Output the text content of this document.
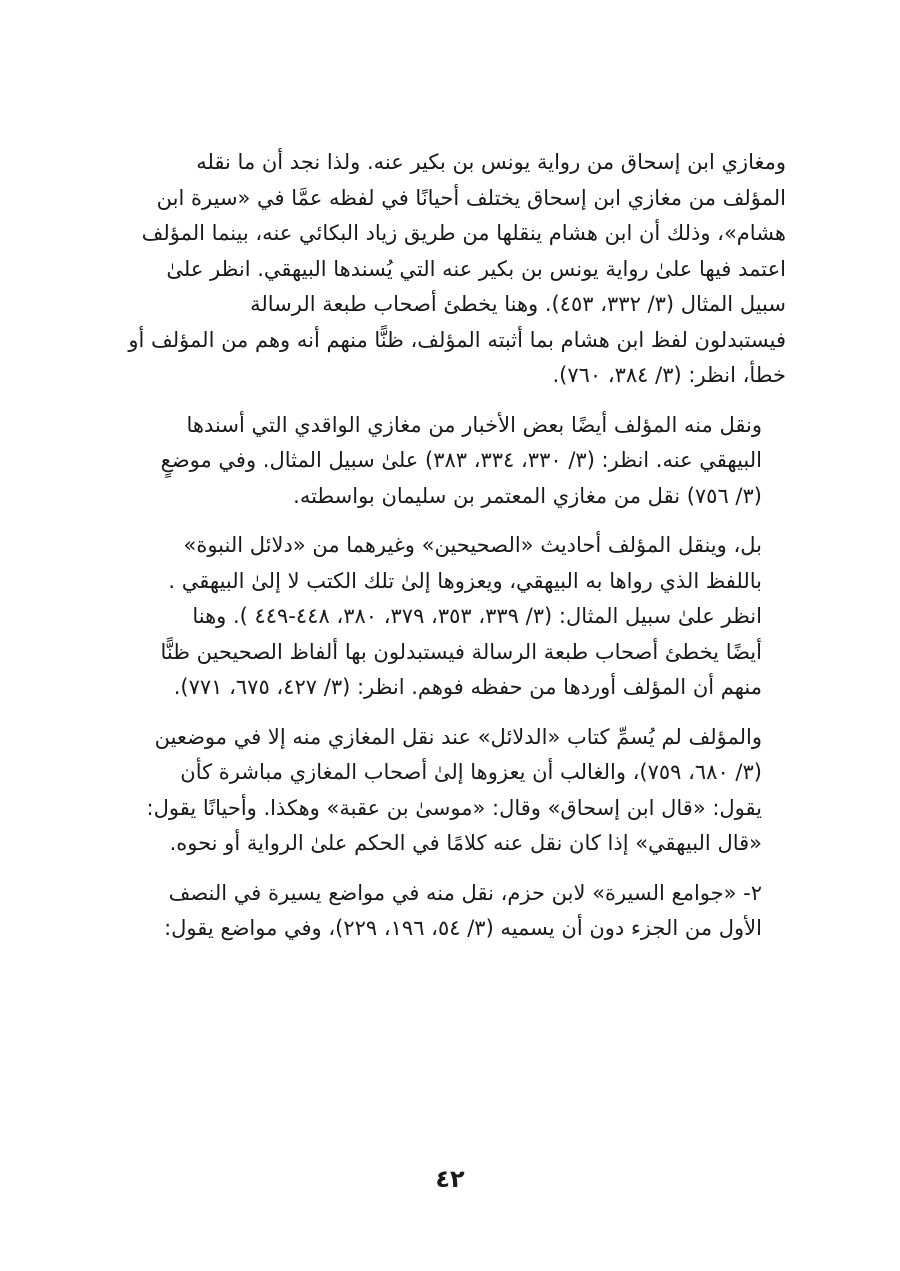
ومغازي ابن إسحاق من رواية يونس بن بكير عنه. ولذا نجد أن ما نقله
المؤلف من مغازي ابن إسحاق يختلف أحيانًا في لفظه عمَّا في «سيرة ابن
هشام»، وذلك أن ابن هشام ينقلها من طريق زياد البكائي عنه، بينما المؤلف
اعتمد فيها علىٰ رواية يونس بن بكير عنه التي يُسندها البيهقي. انظر علىٰ
سبيل المثال (٣/ ٣٣٢، ٤٥٣). وهنا يخطئ أصحاب طبعة الرسالة
فيستبدلون لفظ ابن هشام بما أثبته المؤلف، ظنًّا منهم أنه وهم من المؤلف أو
خطأ، انظر: (٣/ ٣٨٤، ٧٦٠).

ونقل منه المؤلف أيضًا بعض الأخبار من مغازي الواقدي التي أسندها
البيهقي عنه. انظر: (٣/ ٣٣٠، ٣٣٤، ٣٨٣) علىٰ سبيل المثال. وفي موضعٍ
(٣/ ٧٥٦) نقل من مغازي المعتمر بن سليمان بواسطته.

بل، وينقل المؤلف أحاديث «الصحيحين» وغيرهما من «دلائل النبوة»
باللفظ الذي رواها به البيهقي، ويعزوها إلىٰ تلك الكتب لا إلىٰ البيهقي .
انظر علىٰ سبيل المثال: (٣/ ٣٣٩، ٣٥٣، ٣٧٩، ٣٨٠، ٤٤٨-٤٤٩ ). وهنا
أيضًا يخطئ أصحاب طبعة الرسالة فيستبدلون بها ألفاظ الصحيحين ظنًّا
منهم أن المؤلف أوردها من حفظه فوهم. انظر: (٣/ ٤٢٧، ٦٧٥، ٧٧١).

والمؤلف لم يُسمِّ كتاب «الدلائل» عند نقل المغازي منه إلا في موضعين
(٣/ ٦٨٠، ٧٥٩)، والغالب أن يعزوها إلىٰ أصحاب المغازي مباشرة كأن
يقول: «قال ابن إسحاق» وقال: «موسىٰ بن عقبة» وهكذا. وأحيانًا يقول:
«قال البيهقي» إذا كان نقل عنه كلامًا في الحكم علىٰ الرواية أو نحوه.

٢- «جوامع السيرة» لابن حزم، نقل منه في مواضع يسيرة في النصف
الأول من الجزء دون أن يسميه (٣/ ٥٤، ١٩٦، ٢٢٩)، وفي مواضع يقول:

٤٢
